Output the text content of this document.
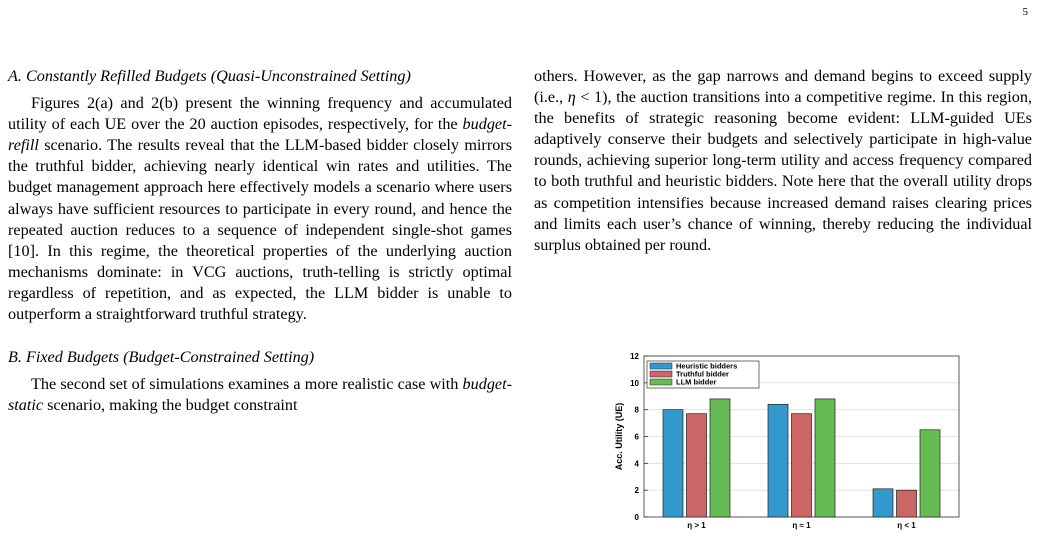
5
A. Constantly Refilled Budgets (Quasi-Unconstrained Setting)

Figures 2(a) and 2(b) present the winning frequency and accumulated utility of each UE over the 20 auction episodes, respectively, for the budget-refill scenario. The results reveal that the LLM-based bidder closely mirrors the truthful bidder, achieving nearly identical win rates and utilities. The budget management approach here effectively models a scenario where users always have sufficient resources to participate in every round, and hence the repeated auction reduces to a sequence of independent single-shot games [10]. In this regime, the theoretical properties of the underlying auction mechanisms dominate: in VCG auctions, truth-telling is strictly optimal regardless of repetition, and as expected, the LLM bidder is unable to outperform a straightforward truthful strategy.

B. Fixed Budgets (Budget-Constrained Setting)

The second set of simulations examines a more realistic case with budget-static scenario, making the budget constraint

others. However, as the gap narrows and demand begins to exceed supply (i.e., η < 1), the auction transitions into a competitive regime. In this region, the benefits of strategic reasoning become evident: LLM-guided UEs adaptively conserve their budgets and selectively participate in high-value rounds, achieving superior long-term utility and access frequency compared to both truthful and heuristic bidders. Note here that the overall utility drops as competition intensifies because increased demand raises clearing prices and limits each user’s chance of winning, thereby reducing the individual surplus obtained per round.

0
2
4
6
8
10
12
Acc. Utility (UE)
η > 1	η ≈ 1	η < 1
Heuristic bidders
Truthful bidder
LLM bidder
